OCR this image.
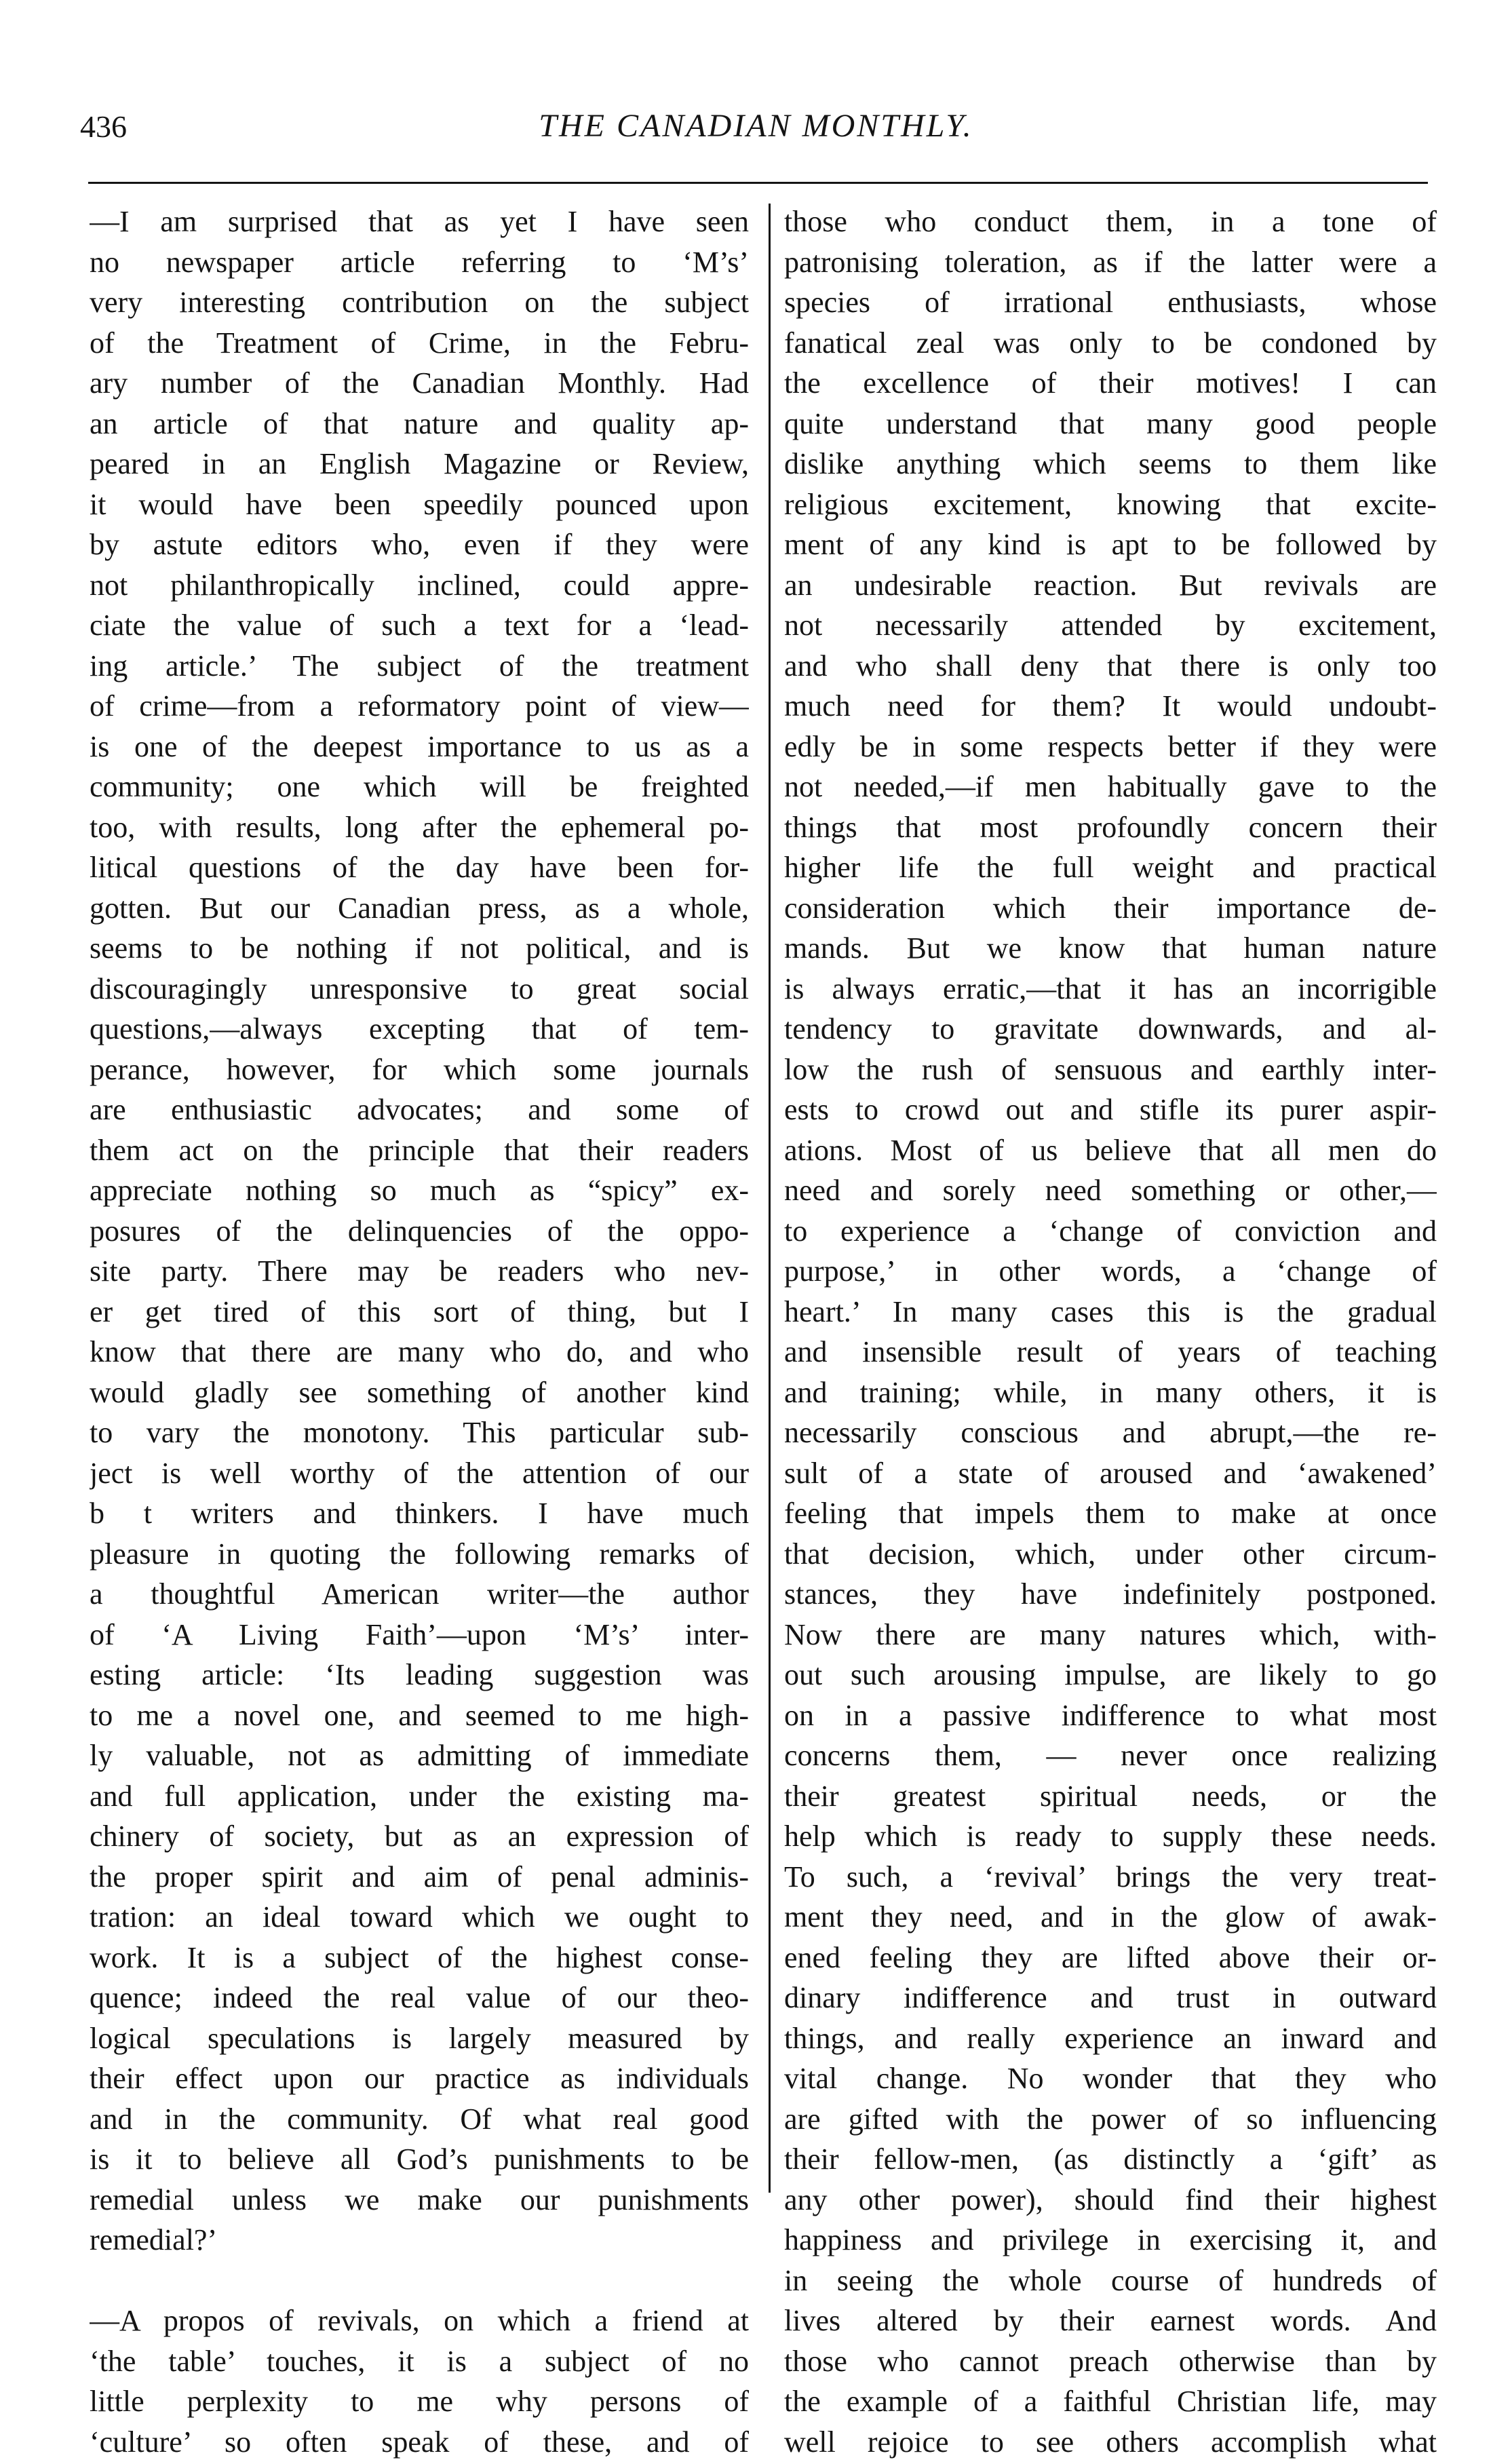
436	THE CANADIAN MONTHLY.
—I am surprised that as yet I have seen
no newspaper article referring to ‘M’s’
very interesting contribution on the subject
of the Treatment of Crime, in the Febru-
ary number of the Canadian Monthly. Had
an article of that nature and quality ap-
peared in an English Magazine or Review,
it would have been speedily pounced upon
by astute editors who, even if they were
not philanthropically inclined, could appre-
ciate the value of such a text for a ‘lead-
ing article.’ The subject of the treatment
of crime—from a reformatory point of view—
is one of the deepest importance to us as a
community; one which will be freighted
too, with results, long after the ephemeral po-
litical questions of the day have been for-
gotten. But our Canadian press, as a whole,
seems to be nothing if not political, and is
discouragingly unresponsive to great social
questions,—always excepting that of tem-
perance, however, for which some journals
are enthusiastic advocates; and some of
them act on the principle that their readers
appreciate nothing so much as “spicy” ex-
posures of the delinquencies of the oppo-
site party. There may be readers who nev-
er get tired of this sort of thing, but I
know that there are many who do, and who
would gladly see something of another kind
to vary the monotony. This particular sub-
ject is well worthy of the attention of our
b t writers and thinkers. I have much
pleasure in quoting the following remarks of
a thoughtful American writer—the author
of ‘A Living Faith’—upon ‘M’s’ inter-
esting article: ‘Its leading suggestion was
to me a novel one, and seemed to me high-
ly valuable, not as admitting of immediate
and full application, under the existing ma-
chinery of society, but as an expression of
the proper spirit and aim of penal adminis-
tration: an ideal toward which we ought to
work. It is a subject of the highest conse-
quence; indeed the real value of our theo-
logical speculations is largely measured by
their effect upon our practice as individuals
and in the community. Of what real good
is it to believe all God’s punishments to be
remedial unless we make our punishments
remedial?’
—A propos of revivals, on which a friend at
‘the table’ touches, it is a subject of no
little perplexity to me why persons of
‘culture’ so often speak of these, and of
those who conduct them, in a tone of
patronising toleration, as if the latter were a
species of irrational enthusiasts, whose
fanatical zeal was only to be condoned by
the excellence of their motives! I can
quite understand that many good people
dislike anything which seems to them like
religious excitement, knowing that excite-
ment of any kind is apt to be followed by
an undesirable reaction. But revivals are
not necessarily attended by excitement,
and who shall deny that there is only too
much need for them? It would undoubt-
edly be in some respects better if they were
not needed,—if men habitually gave to the
things that most profoundly concern their
higher life the full weight and practical
consideration which their importance de-
mands. But we know that human nature
is always erratic,—that it has an incorrigible
tendency to gravitate downwards, and al-
low the rush of sensuous and earthly inter-
ests to crowd out and stifle its purer aspir-
ations. Most of us believe that all men do
need and sorely need something or other,—
to experience a ‘change of conviction and
purpose,’ in other words, a ‘change of
heart.’ In many cases this is the gradual
and insensible result of years of teaching
and training; while, in many others, it is
necessarily conscious and abrupt,—the re-
sult of a state of aroused and ‘awakened’
feeling that impels them to make at once
that decision, which, under other circum-
stances, they have indefinitely postponed.
Now there are many natures which, with-
out such arousing impulse, are likely to go
on in a passive indifference to what most
concerns them, — never once realizing
their greatest spiritual needs, or the
help which is ready to supply these needs.
To such, a ‘revival’ brings the very treat-
ment they need, and in the glow of awak-
ened feeling they are lifted above their or-
dinary indifference and trust in outward
things, and really experience an inward and
vital change. No wonder that they who
are gifted with the power of so influencing
their fellow-men, (as distinctly a ‘gift’ as
any other power), should find their highest
happiness and privilege in exercising it, and
in seeing the whole course of hundreds of
lives altered by their earnest words. And
those who cannot preach otherwise than by
the example of a faithful Christian life, may
well rejoice to see others accomplish what
